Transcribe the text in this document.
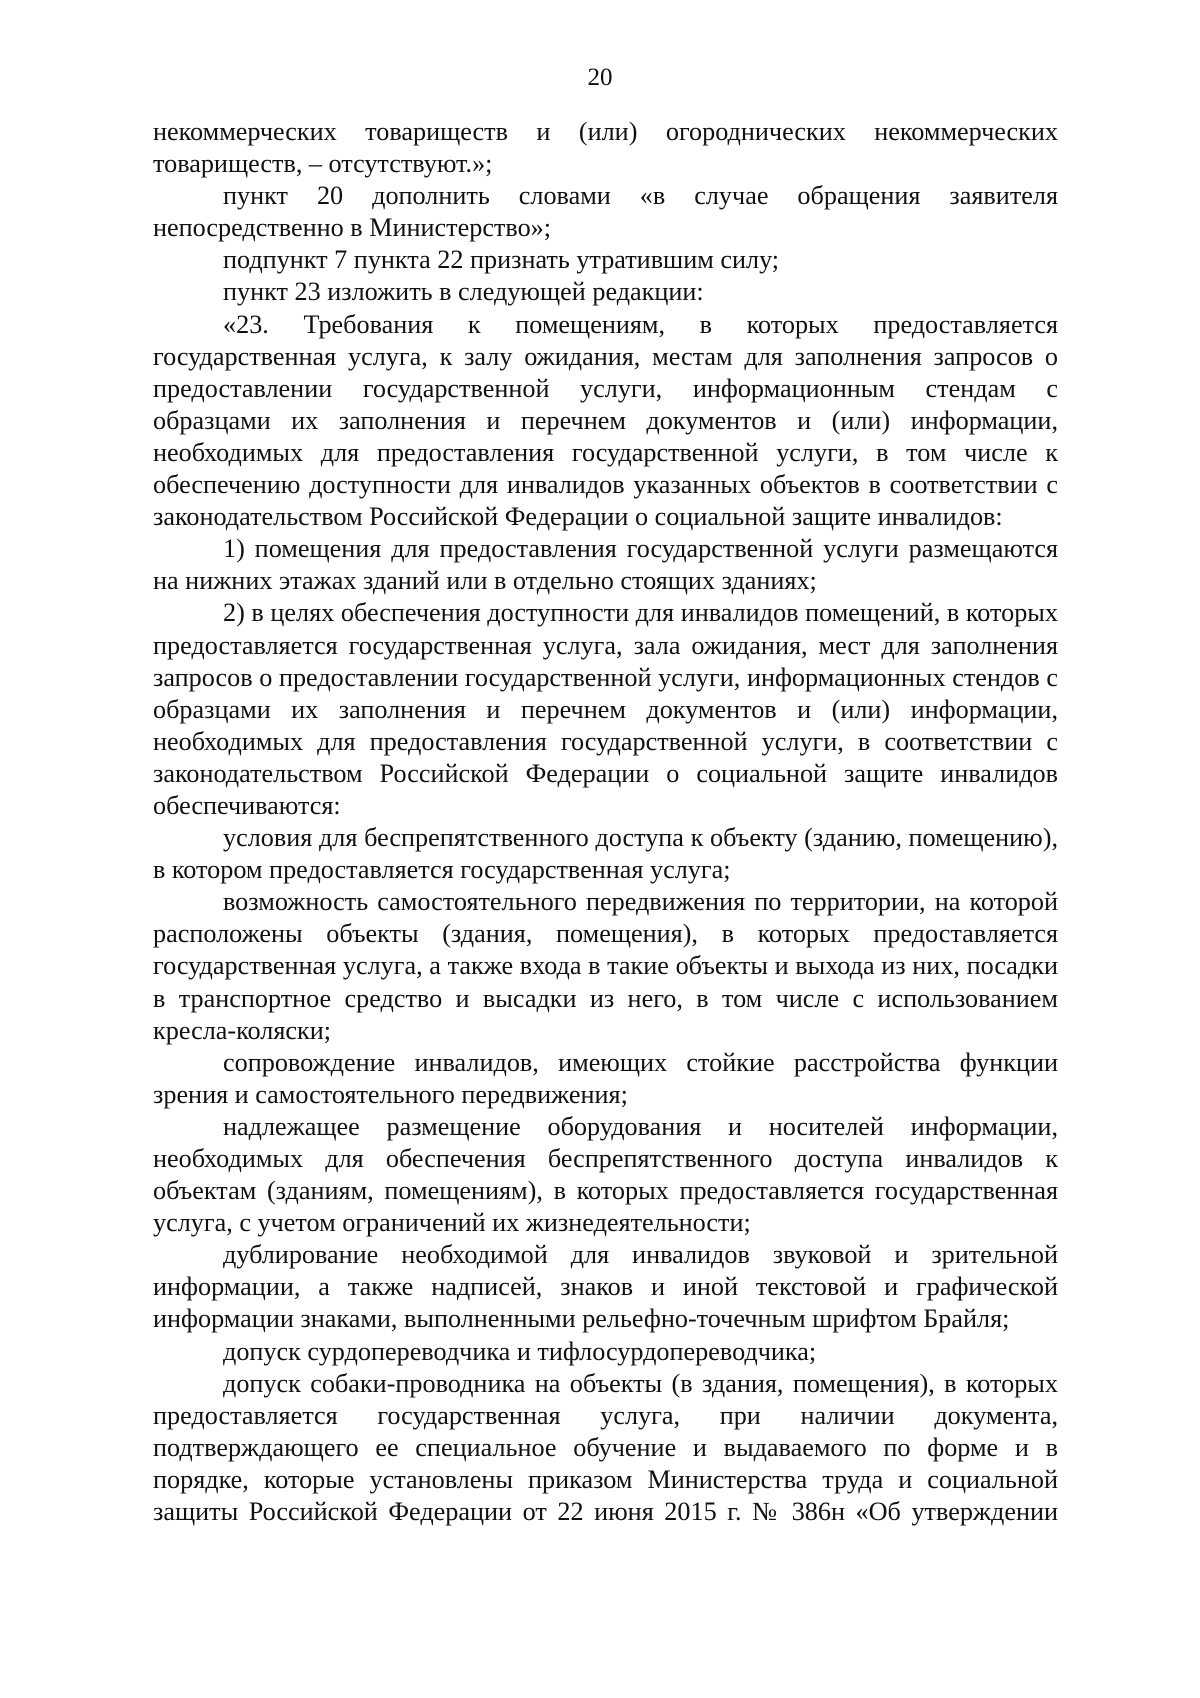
20
некоммерческих товариществ и (или) огороднических некоммерческих
товариществ, – отсутствуют.»;
пункт 20 дополнить словами «в случае обращения заявителя
непосредственно в Министерство»;
подпункт 7 пункта 22 признать утратившим силу;
пункт 23 изложить в следующей редакции:
«23. Требования к помещениям, в которых предоставляется
государственная услуга, к залу ожидания, местам для заполнения запросов о
предоставлении государственной услуги, информационным стендам с
образцами их заполнения и перечнем документов и (или) информации,
необходимых для предоставления государственной услуги, в том числе к
обеспечению доступности для инвалидов указанных объектов в соответствии с
законодательством Российской Федерации о социальной защите инвалидов:
1) помещения для предоставления государственной услуги размещаются
на нижних этажах зданий или в отдельно стоящих зданиях;
2) в целях обеспечения доступности для инвалидов помещений, в которых
предоставляется государственная услуга, зала ожидания, мест для заполнения
запросов о предоставлении государственной услуги, информационных стендов с
образцами их заполнения и перечнем документов и (или) информации,
необходимых для предоставления государственной услуги, в соответствии с
законодательством Российской Федерации о социальной защите инвалидов
обеспечиваются:
условия для беспрепятственного доступа к объекту (зданию, помещению),
в котором предоставляется государственная услуга;
возможность самостоятельного передвижения по территории, на которой
расположены объекты (здания, помещения), в которых предоставляется
государственная услуга, а также входа в такие объекты и выхода из них, посадки
в транспортное средство и высадки из него, в том числе с использованием
кресла-коляски;
сопровождение инвалидов, имеющих стойкие расстройства функции
зрения и самостоятельного передвижения;
надлежащее размещение оборудования и носителей информации,
необходимых для обеспечения беспрепятственного доступа инвалидов к
объектам (зданиям, помещениям), в которых предоставляется государственная
услуга, с учетом ограничений их жизнедеятельности;
дублирование необходимой для инвалидов звуковой и зрительной
информации, а также надписей, знаков и иной текстовой и графической
информации знаками, выполненными рельефно-точечным шрифтом Брайля;
допуск сурдопереводчика и тифлосурдопереводчика;
допуск собаки-проводника на объекты (в здания, помещения), в которых
предоставляется государственная услуга, при наличии документа,
подтверждающего ее специальное обучение и выдаваемого по форме и в
порядке, которые установлены приказом Министерства труда и социальной
защиты Российской Федерации от 22 июня 2015 г. № 386н «Об утверждении
